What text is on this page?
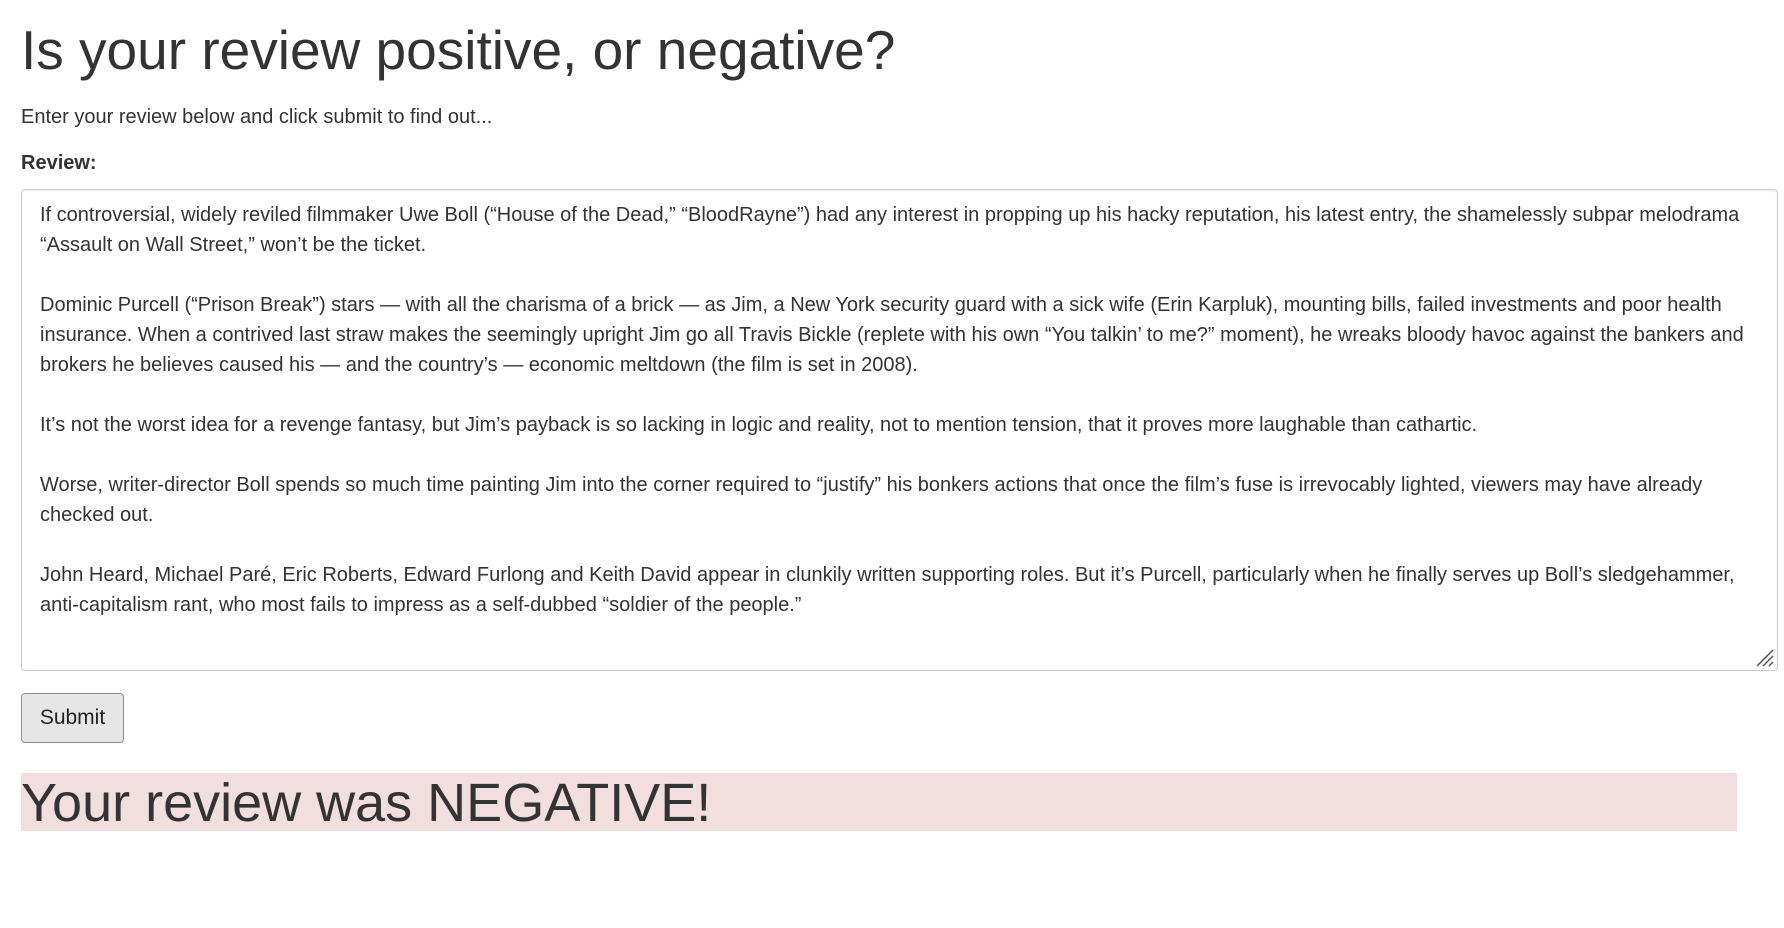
Is your review positive, or negative?

Enter your review below and click submit to find out...

Review:

If controversial, widely reviled filmmaker Uwe Boll (“House of the Dead,” “BloodRayne”) had any interest in propping up his hacky reputation, his latest entry, the shamelessly subpar melodrama “Assault on Wall Street,” won’t be the ticket.

Dominic Purcell (“Prison Break”) stars — with all the charisma of a brick — as Jim, a New York security guard with a sick wife (Erin Karpluk), mounting bills, failed investments and poor health insurance. When a contrived last straw makes the seemingly upright Jim go all Travis Bickle (replete with his own “You talkin’ to me?” moment), he wreaks bloody havoc against the bankers and brokers he believes caused his — and the country’s — economic meltdown (the film is set in 2008).

It’s not the worst idea for a revenge fantasy, but Jim’s payback is so lacking in logic and reality, not to mention tension, that it proves more laughable than cathartic.

Worse, writer-director Boll spends so much time painting Jim into the corner required to “justify” his bonkers actions that once the film’s fuse is irrevocably lighted, viewers may have already checked out.

John Heard, Michael Paré, Eric Roberts, Edward Furlong and Keith David appear in clunkily written supporting roles. But it’s Purcell, particularly when he finally serves up Boll’s sledgehammer, anti-capitalism rant, who most fails to impress as a self-dubbed “soldier of the people.”

Submit
Your review was NEGATIVE!
